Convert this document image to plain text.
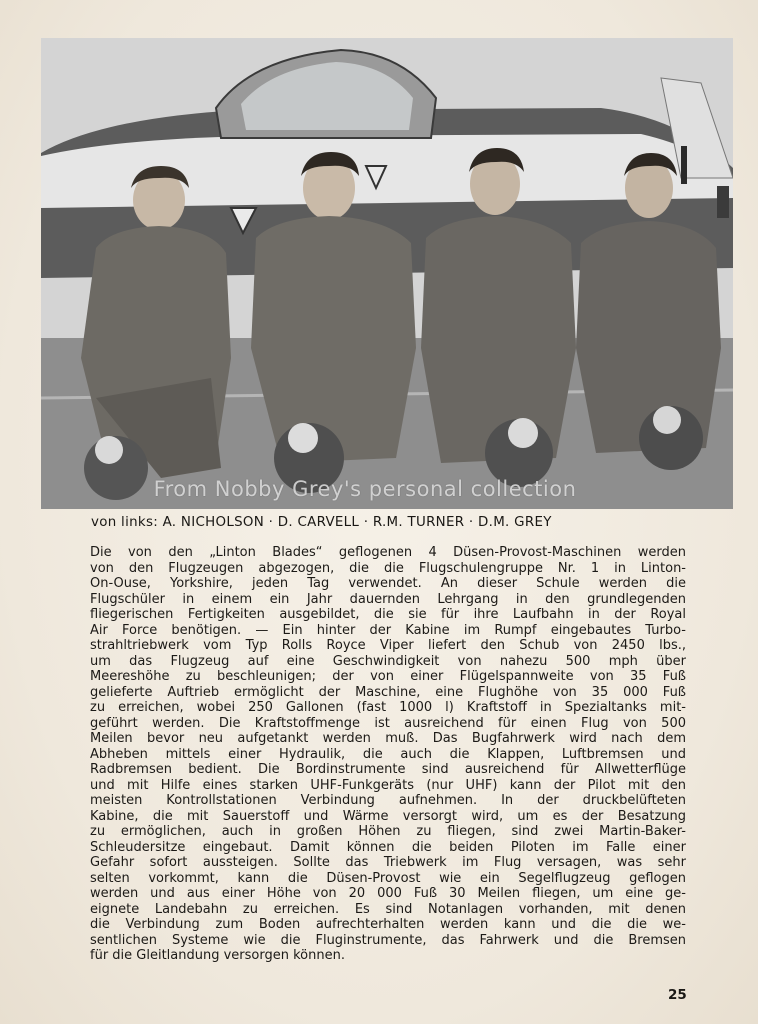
From Nobby Grey's personal collection
von links: A. NICHOLSON · D. CARVELL · R.M. TURNER · D.M. GREY
Die von den „Linton Blades“ geflogenen 4 Düsen-Provost-Maschinen werden
von den Flugzeugen abgezogen, die die Flugschulengruppe Nr. 1 in Linton-
On-Ouse, Yorkshire, jeden Tag verwendet. An dieser Schule werden die
Flugschüler in einem ein Jahr dauernden Lehrgang in den grundlegenden
fliegerischen Fertigkeiten ausgebildet, die sie für ihre Laufbahn in der Royal
Air Force benötigen. — Ein hinter der Kabine im Rumpf eingebautes Turbo-
strahltriebwerk vom Typ Rolls Royce Viper liefert den Schub von 2450 lbs.,
um das Flugzeug auf eine Geschwindigkeit von nahezu 500 mph über
Meereshöhe zu beschleunigen; der von einer Flügelspannweite von 35 Fuß
gelieferte Auftrieb ermöglicht der Maschine, eine Flughöhe von 35 000 Fuß
zu erreichen, wobei 250 Gallonen (fast 1000 l) Kraftstoff in Spezialtanks mit-
geführt werden. Die Kraftstoffmenge ist ausreichend für einen Flug von 500
Meilen bevor neu aufgetankt werden muß. Das Bugfahrwerk wird nach dem
Abheben mittels einer Hydraulik, die auch die Klappen, Luftbremsen und
Radbremsen bedient. Die Bordinstrumente sind ausreichend für Allwetterflüge
und mit Hilfe eines starken UHF-Funkgeräts (nur UHF) kann der Pilot mit den
meisten Kontrollstationen Verbindung aufnehmen. In der druckbelüfteten
Kabine, die mit Sauerstoff und Wärme versorgt wird, um es der Besatzung
zu ermöglichen, auch in großen Höhen zu fliegen, sind zwei Martin-Baker-
Schleudersitze eingebaut. Damit können die beiden Piloten im Falle einer
Gefahr sofort aussteigen. Sollte das Triebwerk im Flug versagen, was sehr
selten vorkommt, kann die Düsen-Provost wie ein Segelflugzeug geflogen
werden und aus einer Höhe von 20 000 Fuß 30 Meilen fliegen, um eine ge-
eignete Landebahn zu erreichen. Es sind Notanlagen vorhanden, mit denen
die Verbindung zum Boden aufrechterhalten werden kann und die die we-
sentlichen Systeme wie die Fluginstrumente, das Fahrwerk und die Bremsen
für die Gleitlandung versorgen können.
25
